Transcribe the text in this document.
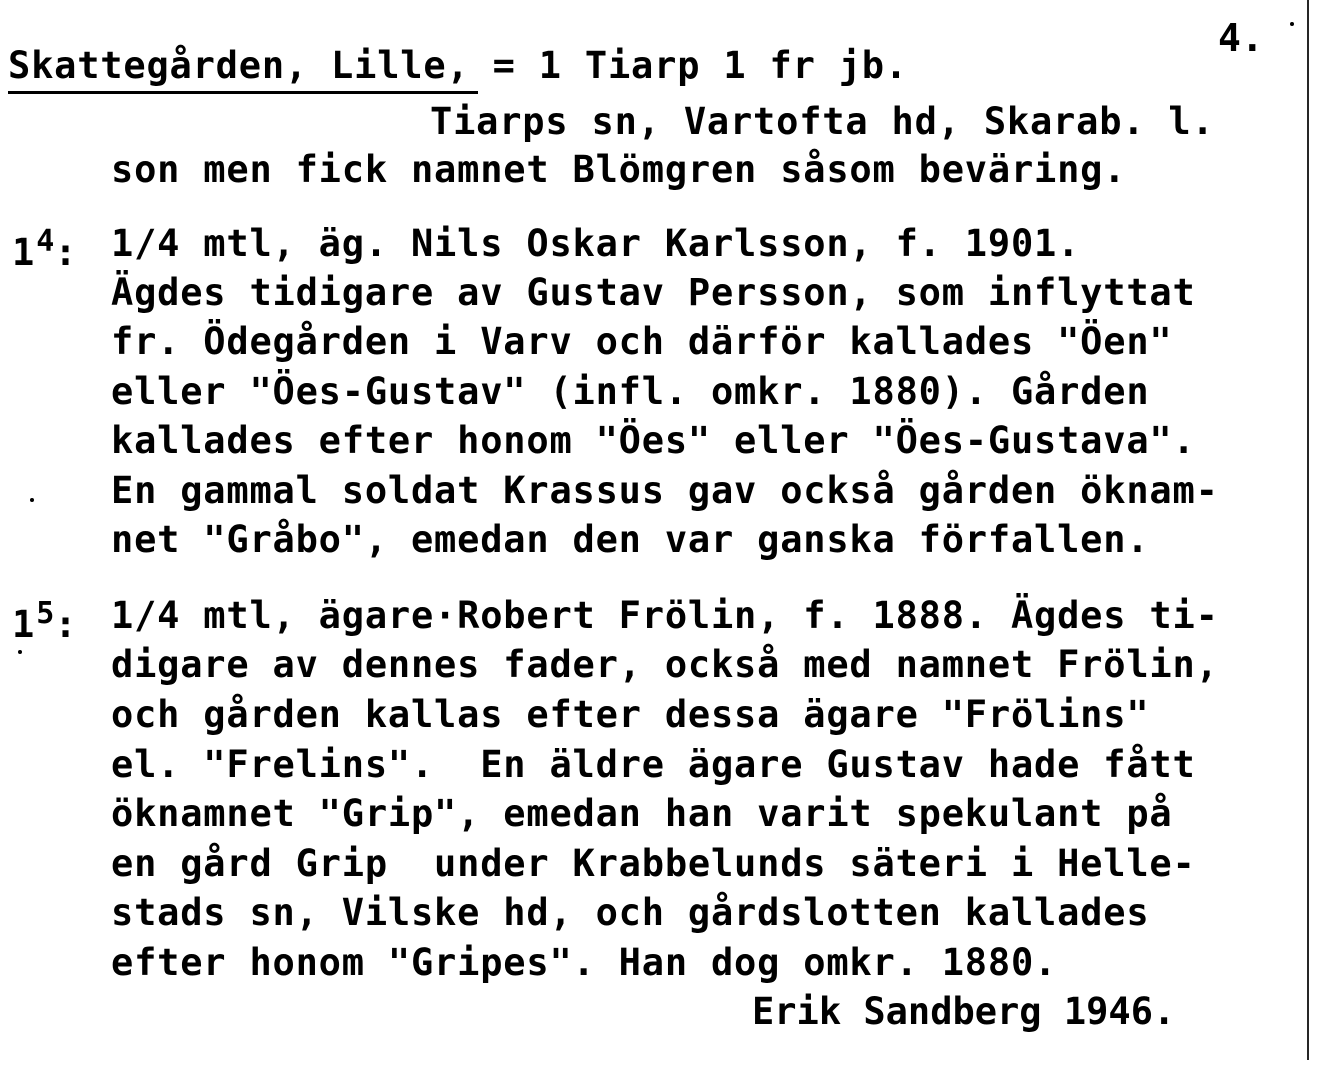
4.
Skattegården, Lille, = 1 Tiarp 1 fr jb.
Tiarps sn, Vartofta hd, Skarab. l.
son men fick namnet Blömgren såsom beväring.
$1^4$: 1/4 mtl, äg. Nils Oskar Karlsson, f. 1901.
Ägdes tidigare av Gustav Persson, som inflyttat
fr. Ödegården i Varv och därför kallades "Öen"
eller "Öes-Gustav" (infl. omkr. 1880). Gården
kallades efter honom "Öes" eller "Öes-Gustava".
En gammal soldat Krassus gav också gården öknam-
net "Gråbo", emedan den var ganska förfallen.
$1^5$: 1/4 mtl, ägare·Robert Frölin, f. 1888. Ägdes ti-
digare av dennes fader, också med namnet Frölin,
och gården kallas efter dessa ägare "Frölins"
el. "Frelins".  En äldre ägare Gustav hade fått
öknamnet "Grip", emedan han varit spekulant på
en gård Grip  under Krabbelunds säteri i Helle-
stads sn, Vilske hd, och gårdslotten kallades
efter honom "Gripes". Han dog omkr. 1880.
Erik Sandberg 1946.
